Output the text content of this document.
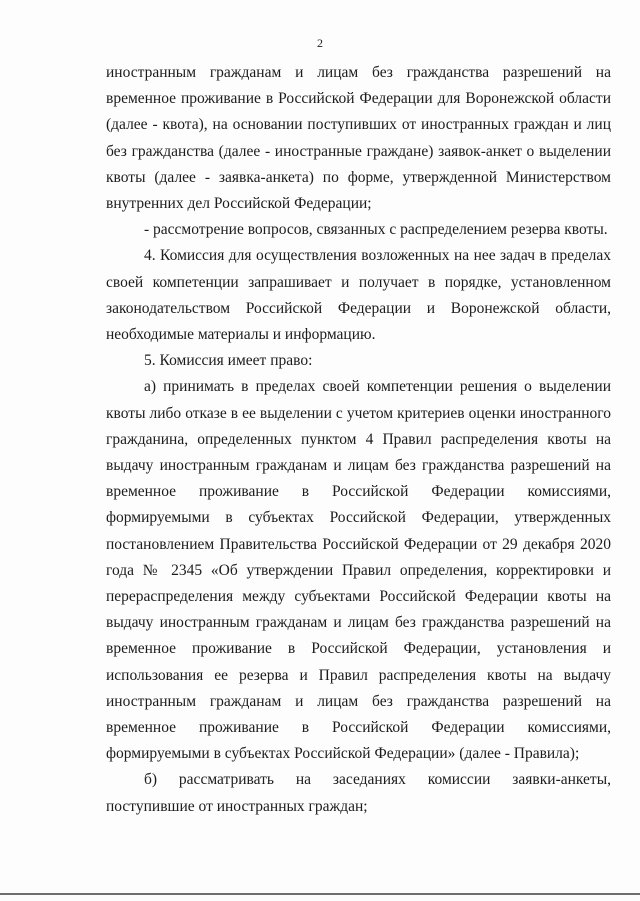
2

иностранным гражданам и лицам без гражданства разрешений на временное проживание в Российской Федерации для Воронежской области (далее - квота), на основании поступивших от иностранных граждан и лиц без гражданства (далее - иностранные граждане) заявок-анкет о выделении квоты (далее - заявка-анкета) по форме, утвержденной Министерством внутренних дел Российской Федерации;

- рассмотрение вопросов, связанных с распределением резерва квоты.

4. Комиссия для осуществления возложенных на нее задач в пределах своей компетенции запрашивает и получает в порядке, установленном законодательством Российской Федерации и Воронежской области, необходимые материалы и информацию.

5. Комиссия имеет право:

а) принимать в пределах своей компетенции решения о выделении квоты либо отказе в ее выделении с учетом критериев оценки иностранного гражданина, определенных пунктом 4 Правил распределения квоты на выдачу иностранным гражданам и лицам без гражданства разрешений на временное проживание в Российской Федерации комиссиями, формируемыми в субъектах Российской Федерации, утвержденных постановлением Правительства Российской Федерации от 29 декабря 2020 года № 2345 «Об утверждении Правил определения, корректировки и перераспределения между субъектами Российской Федерации квоты на выдачу иностранным гражданам и лицам без гражданства разрешений на временное проживание в Российской Федерации, установления и использования ее резерва и Правил распределения квоты на выдачу иностранным гражданам и лицам без гражданства разрешений на временное проживание в Российской Федерации комиссиями, формируемыми в субъектах Российской Федерации» (далее - Правила);

б) рассматривать на заседаниях комиссии заявки-анкеты, поступившие от иностранных граждан;
